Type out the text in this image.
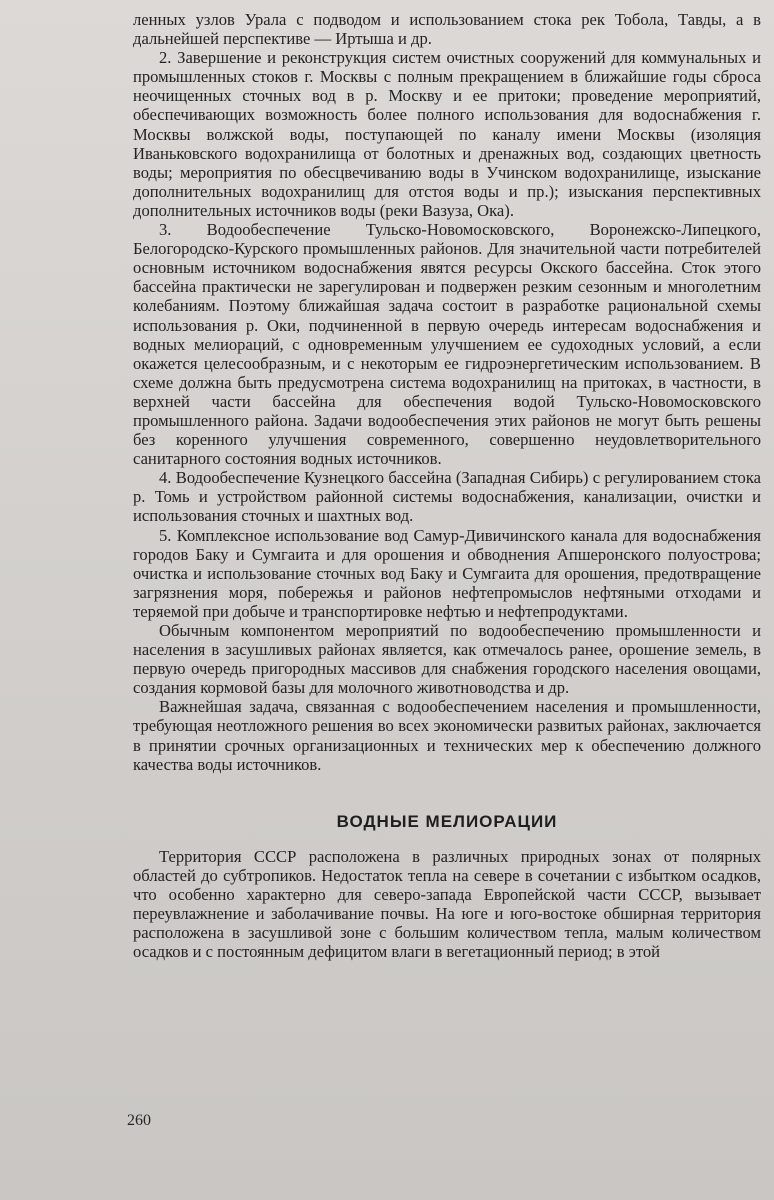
ленных узлов Урала с подводом и использованием стока рек Тобола, Тавды, а в дальнейшей перспективе — Иртыша и др.

2. Завершение и реконструкция систем очистных сооружений для коммунальных и промышленных стоков г. Москвы с полным прекращением в ближайшие годы сброса неочищенных сточных вод в р. Москву и ее притоки; проведение мероприятий, обеспечивающих возможность более полного использования для водоснабжения г. Москвы волжской воды, поступающей по каналу имени Москвы (изоляция Иваньковского водохранилища от болотных и дренажных вод, создающих цветность воды; мероприятия по обесцвечиванию воды в Учинском водохранилище, изыскание дополнительных водохранилищ для отстоя воды и пр.); изыскания перспективных дополнительных источников воды (реки Вазуза, Ока).

3. Водообеспечение Тульско-Новомосковского, Воронежско-Липецкого, Белогородско-Курского промышленных районов. Для значительной части потребителей основным источником водоснабжения явятся ресурсы Окского бассейна. Сток этого бассейна практически не зарегулирован и подвержен резким сезонным и многолетним колебаниям. Поэтому ближайшая задача состоит в разработке рациональной схемы использования р. Оки, подчиненной в первую очередь интересам водоснабжения и водных мелиораций, с одновременным улучшением ее судоходных условий, а если окажется целесообразным, и с некоторым ее гидроэнергетическим использованием. В схеме должна быть предусмотрена система водохранилищ на притоках, в частности, в верхней части бассейна для обеспечения водой Тульско-Новомосковского промышленного района. Задачи водообеспечения этих районов не могут быть решены без коренного улучшения современного, совершенно неудовлетворительного санитарного состояния водных источников.

4. Водообеспечение Кузнецкого бассейна (Западная Сибирь) с регулированием стока р. Томь и устройством районной системы водоснабжения, канализации, очистки и использования сточных и шахтных вод.

5. Комплексное использование вод Самур-Дивичинского канала для водоснабжения городов Баку и Сумгаита и для орошения и обводнения Апшеронского полуострова; очистка и использование сточных вод Баку и Сумгаита для орошения, предотвращение загрязнения моря, побережья и районов нефтепромыслов нефтяными отходами и теряемой при добыче и транспортировке нефтью и нефтепродуктами.

Обычным компонентом мероприятий по водообеспечению промышленности и населения в засушливых районах является, как отмечалось ранее, орошение земель, в первую очередь пригородных массивов для снабжения городского населения овощами, создания кормовой базы для молочного животноводства и др.

Важнейшая задача, связанная с водообеспечением населения и промышленности, требующая неотложного решения во всех экономически развитых районах, заключается в принятии срочных организационных и технических мер к обеспечению должного качества воды источников.

ВОДНЫЕ МЕЛИОРАЦИИ

Территория СССР расположена в различных природных зонах от полярных областей до субтропиков. Недостаток тепла на севере в сочетании с избытком осадков, что особенно характерно для северо-запада Европейской части СССР, вызывает переувлажнение и заболачивание почвы. На юге и юго-востоке обширная территория расположена в засушливой зоне с большим количеством тепла, малым количеством осадков и с постоянным дефицитом влаги в вегетационный период; в этой

260
